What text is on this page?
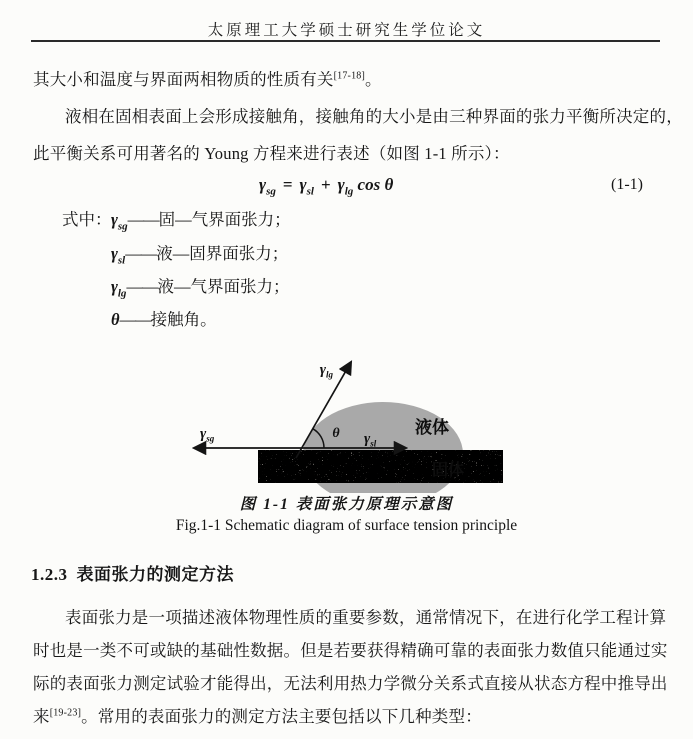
太原理工大学硕士研究生学位论文
其大小和温度与界面两相物质的性质有关[17-18]。
液相在固相表面上会形成接触角，接触角的大小是由三种界面的张力平衡所决定的，
此平衡关系可用著名的 Young 方程来进行表述（如图 1-1 所示）：
$\gamma_{sg} = \gamma_{sl} + \gamma_{lg}$ cos θ	(1-1)
式中：$\gamma_{sg}——$固—气界面张力；
$\gamma_{sl}——$液—固界面张力；
$\gamma_{lg}——$液—气界面张力；
θ——接触角。
$\gamma_{lg}$
$\gamma_{sg}$	$\gamma_{sl}$
θ	液体
固体
图 1-1 表面张力原理示意图
Fig.1-1 Schematic diagram of surface tension principle
1.2.3 表面张力的测定方法
表面张力是一项描述液体物理性质的重要参数，通常情况下，在进行化学工程计算
时也是一类不可或缺的基础性数据。但是若要获得精确可靠的表面张力数值只能通过实
际的表面张力测定试验才能得出，无法利用热力学微分关系式直接从状态方程中推导出
来[19-23]。常用的表面张力的测定方法主要包括以下几种类型：
